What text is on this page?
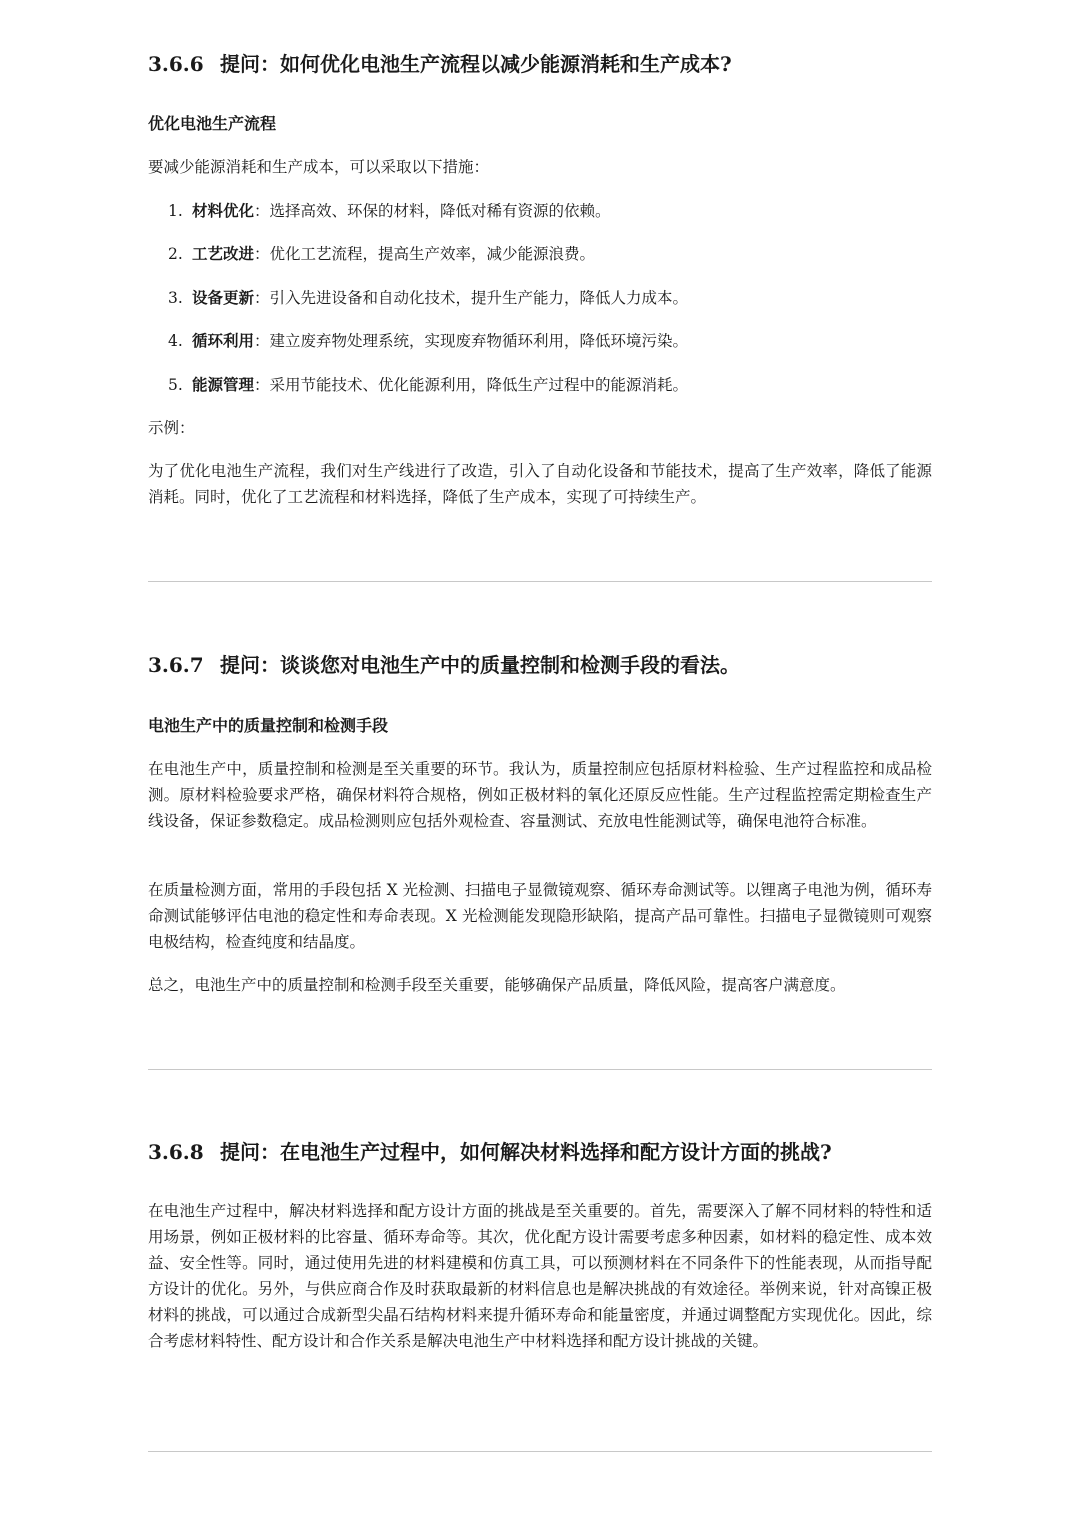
3.6.6 提问：如何优化电池生产流程以减少能源消耗和生产成本?
优化电池生产流程

要减少能源消耗和生产成本，可以采取以下措施：

1. 材料优化：选择高效、环保的材料，降低对稀有资源的依赖。

2. 工艺改进：优化工艺流程，提高生产效率，减少能源浪费。

3. 设备更新：引入先进设备和自动化技术，提升生产能力，降低人力成本。

4. 循环利用：建立废弃物处理系统，实现废弃物循环利用，降低环境污染。

5. 能源管理：采用节能技术、优化能源利用，降低生产过程中的能源消耗。

示例：

为了优化电池生产流程，我们对生产线进行了改造，引入了自动化设备和节能技术，提高了生产效率，降低了能源消耗。同时，优化了工艺流程和材料选择，降低了生产成本，实现了可持续生产。

3.6.7 提问：谈谈您对电池生产中的质量控制和检测手段的看法。
电池生产中的质量控制和检测手段

在电池生产中，质量控制和检测是至关重要的环节。我认为，质量控制应包括原材料检验、生产过程监控和成品检测。原材料检验要求严格，确保材料符合规格，例如正极材料的氧化还原反应性能。生产过程监控需定期检查生产线设备，保证参数稳定。成品检测则应包括外观检查、容量测试、充放电性能测试等，确保电池符合标准。

在质量检测方面，常用的手段包括 X 光检测、扫描电子显微镜观察、循环寿命测试等。以锂离子电池为例，循环寿命测试能够评估电池的稳定性和寿命表现。X 光检测能发现隐形缺陷，提高产品可靠性。扫描电子显微镜则可观察电极结构，检查纯度和结晶度。

总之，电池生产中的质量控制和检测手段至关重要，能够确保产品质量，降低风险，提高客户满意度。

3.6.8 提问：在电池生产过程中，如何解决材料选择和配方设计方面的挑战?

在电池生产过程中，解决材料选择和配方设计方面的挑战是至关重要的。首先，需要深入了解不同材料的特性和适用场景，例如正极材料的比容量、循环寿命等。其次，优化配方设计需要考虑多种因素，如材料的稳定性、成本效益、安全性等。同时，通过使用先进的材料建模和仿真工具，可以预测材料在不同条件下的性能表现，从而指导配方设计的优化。另外，与供应商合作及时获取最新的材料信息也是解决挑战的有效途径。举例来说，针对高镍正极材料的挑战，可以通过合成新型尖晶石结构材料来提升循环寿命和能量密度，并通过调整配方实现优化。因此，综合考虑材料特性、配方设计和合作关系是解决电池生产中材料选择和配方设计挑战的关键。
